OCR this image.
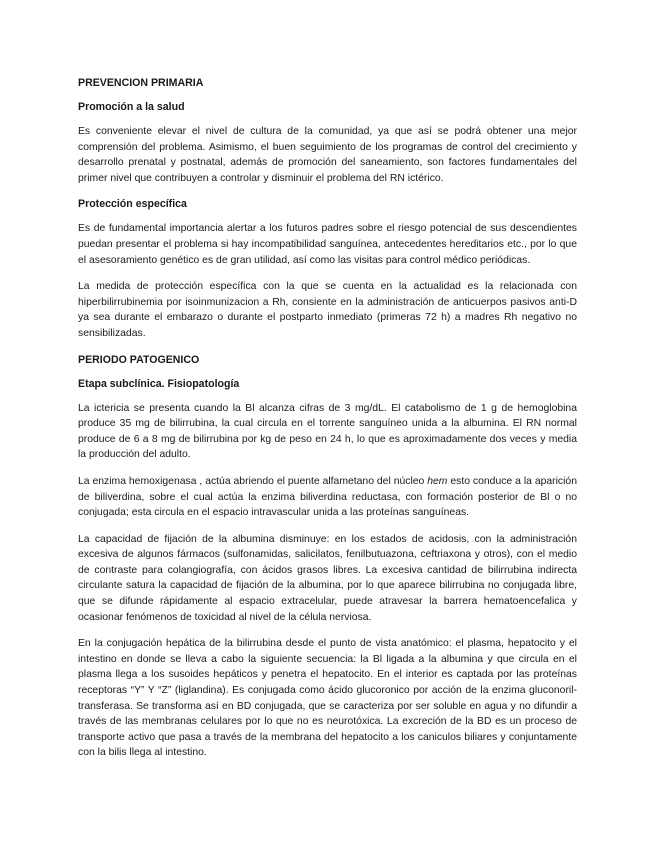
PREVENCION PRIMARIA
Promoción a la salud

Es conveniente elevar el nivel de cultura de la comunidad, ya que así se podrá obtener una mejor comprensión del problema. Asimismo, el buen seguimiento de los programas de control del crecimiento y desarrollo prenatal y postnatal, además de promoción del saneamiento, son factores fundamentales del primer nivel que contribuyen a controlar y disminuir el problema del RN ictérico.

Protección específica

Es de fundamental importancia alertar a los futuros padres sobre el riesgo potencial de sus descendientes puedan presentar el problema si hay incompatibilidad sanguínea, antecedentes hereditarios etc., por lo que el asesoramiento genético es de gran utilidad, así como las visitas para control médico periódicas.

La medida de protección específica con la que se cuenta en la actualidad es la relacionada con hiperbilirrubinemia por isoinmunizacion a Rh, consiente en la administración de anticuerpos pasivos anti-D ya sea durante el embarazo o durante el postparto inmediato (primeras 72 h) a madres Rh negativo no sensibilizadas.

PERIODO PATOGENICO
Etapa subclínica. Fisiopatología

La ictericia se presenta cuando la Bl alcanza cifras de 3 mg/dL. El catabolismo de 1 g de hemoglobina produce 35 mg de bilirrubina, la cual circula en el torrente sanguíneo unida a la albumina. El RN normal produce de 6 a 8 mg de bilirrubina por kg de peso en 24 h, lo que es aproximadamente dos veces y media la producción del adulto.

La enzima hemoxigenasa , actúa abriendo el puente alfametano del núcleo hem esto conduce a la aparición de biliverdina, sobre el cual actúa la enzima biliverdina reductasa, con formación posterior de Bl o no conjugada; esta circula en el espacio intravascular unida a las proteínas sanguíneas.

La capacidad de fijación de la albumina disminuye: en los estados de acidosis, con la administración excesiva de algunos fármacos (sulfonamidas, salicilatos, fenilbutuazona, ceftriaxona y otros), con el medio de contraste para colangiografía, con ácidos grasos libres. La excesiva cantidad de bilirrubina indirecta circulante satura la capacidad de fijación de la albumina, por lo que aparece bilirrubina no conjugada libre, que se difunde rápidamente al espacio extracelular, puede atravesar la barrera hematoencefalica y ocasionar fenómenos de toxicidad al nivel de la célula nerviosa.

En la conjugación hepática de la bilirrubina desde el punto de vista anatómico: el plasma, hepatocito y el intestino en donde se lleva a cabo la siguiente secuencia: la Bl ligada a la albumina y que circula en el plasma llega a los susoides hepáticos y penetra el hepatocito. En el interior es captada por las proteínas receptoras “Y” Y “Z” (liglandina). Es conjugada como ácido glucoronico por acción de la enzima gluconoril-transferasa. Se transforma así en BD conjugada, que se caracteriza por ser soluble en agua y no difundir a través de las membranas celulares por lo que no es neurotóxica. La excreción de la BD es un proceso de transporte activo que pasa a través de la membrana del hepatocito a los caniculos biliares y conjuntamente con la bilis llega al intestino.
